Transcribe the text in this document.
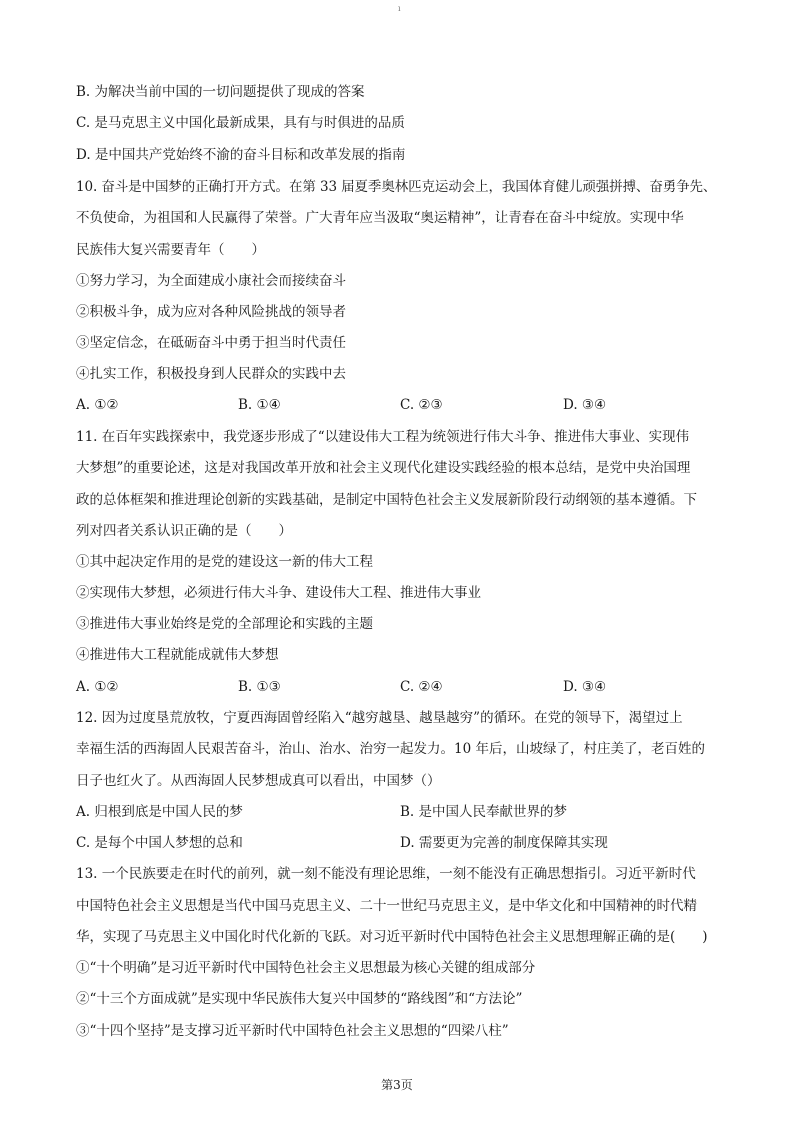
ı
B. 为解决当前中国的一切问题提供了现成的答案
C. 是马克思主义中国化最新成果，具有与时俱进的品质
D. 是中国共产党始终不渝的奋斗目标和改革发展的指南
10. 奋斗是中国梦的正确打开方式。在第 33 届夏季奥林匹克运动会上，我国体育健儿顽强拼搏、奋勇争先、
不负使命，为祖国和人民赢得了荣誉。广大青年应当汲取“奥运精神”，让青春在奋斗中绽放。实现中华
民族伟大复兴需要青年（　　）
①努力学习，为全面建成小康社会而接续奋斗
②积极斗争，成为应对各种风险挑战的领导者
③坚定信念，在砥砺奋斗中勇于担当时代责任
④扎实工作，积极投身到人民群众的实践中去
A. ①②	B. ①④	C. ②③	D. ③④
11. 在百年实践探索中，我党逐步形成了“以建设伟大工程为统领进行伟大斗争、推进伟大事业、实现伟
大梦想”的重要论述，这是对我国改革开放和社会主义现代化建设实践经验的根本总结，是党中央治国理
政的总体框架和推进理论创新的实践基础，是制定中国特色社会主义发展新阶段行动纲领的基本遵循。下
列对四者关系认识正确的是（　　）
①其中起决定作用的是党的建设这一新的伟大工程
②实现伟大梦想，必须进行伟大斗争、建设伟大工程、推进伟大事业
③推进伟大事业始终是党的全部理论和实践的主题
④推进伟大工程就能成就伟大梦想
A. ①②	B. ①③	C. ②④	D. ③④
12. 因为过度垦荒放牧，宁夏西海固曾经陷入“越穷越垦、越垦越穷”的循环。在党的领导下，渴望过上
幸福生活的西海固人民艰苦奋斗，治山、治水、治穷一起发力。10 年后，山坡绿了，村庄美了，老百姓的
日子也红火了。从西海固人民梦想成真可以看出，中国梦（）
A. 归根到底是中国人民的梦	B. 是中国人民奉献世界的梦
C. 是每个中国人梦想的总和	D. 需要更为完善的制度保障其实现
13. 一个民族要走在时代的前列，就一刻不能没有理论思维，一刻不能没有正确思想指引。习近平新时代
中国特色社会主义思想是当代中国马克思主义、二十一世纪马克思主义，是中华文化和中国精神的时代精
华，实现了马克思主义中国化时代化新的飞跃。对习近平新时代中国特色社会主义思想理解正确的是(　　)
①“十个明确”是习近平新时代中国特色社会主义思想最为核心关键的组成部分
②“十三个方面成就”是实现中华民族伟大复兴中国梦的“路线图”和“方法论”
③“十四个坚持”是支撑习近平新时代中国特色社会主义思想的“四梁八柱”
第3页
